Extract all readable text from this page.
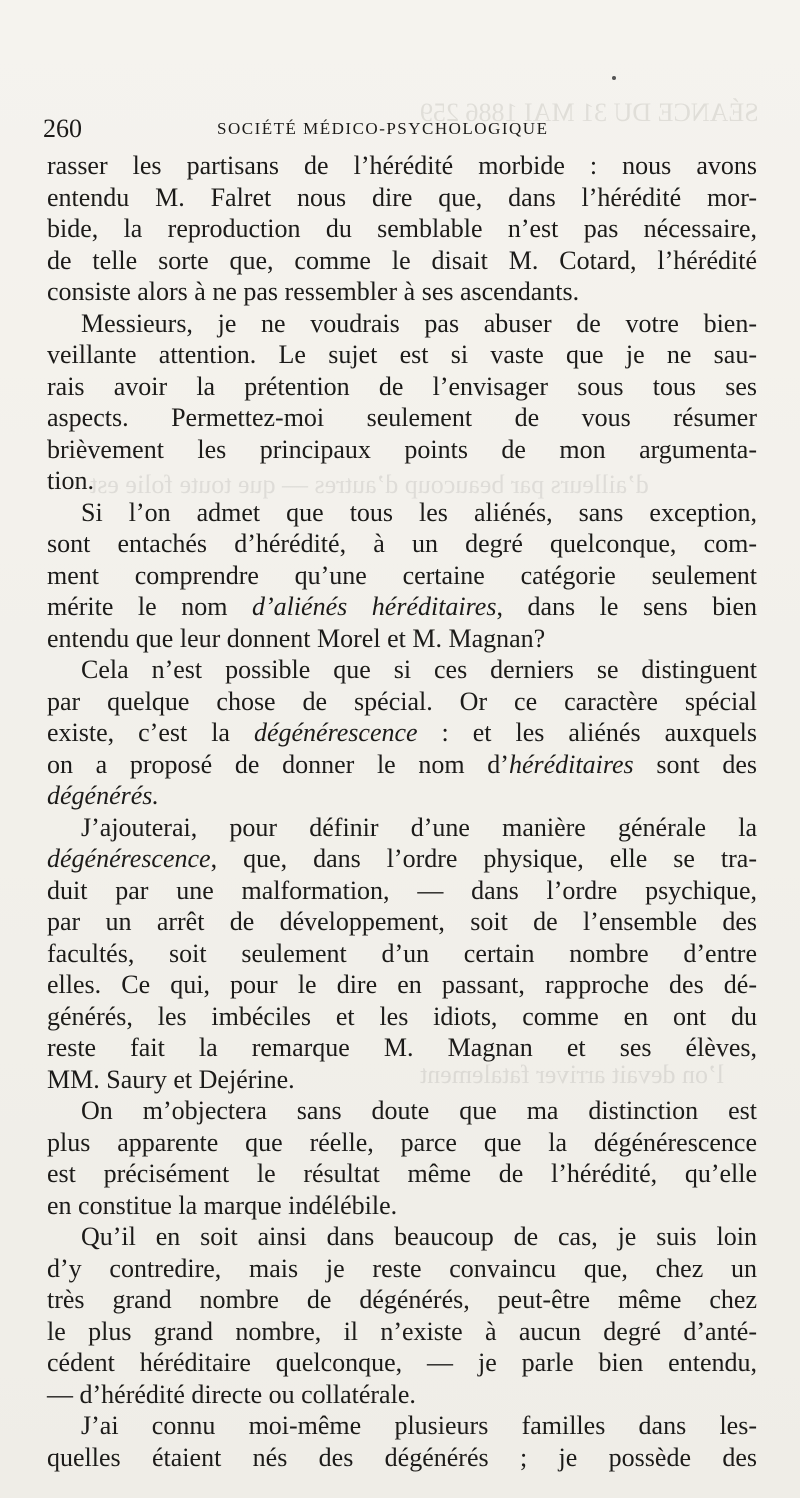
SÉANCE DU 31 MAI 1886 259
d’ailleurs par beaucoup d’autres — que toute folie est
l’on devait arriver fatalement
260	SOCIÉTÉ MÉDICO-PSYCHOLOGIQUE
rasser les partisans de l’hérédité morbide : nous avons
entendu M. Falret nous dire que, dans l’hérédité mor-
bide, la reproduction du semblable n’est pas nécessaire,
de telle sorte que, comme le disait M. Cotard, l’hérédité
consiste alors à ne pas ressembler à ses ascendants.
Messieurs, je ne voudrais pas abuser de votre bien-
veillante attention. Le sujet est si vaste que je ne sau-
rais avoir la prétention de l’envisager sous tous ses
aspects. Permettez-moi seulement de vous résumer
brièvement les principaux points de mon argumenta-
tion.
Si l’on admet que tous les aliénés, sans exception,
sont entachés d’hérédité, à un degré quelconque, com-
ment comprendre qu’une certaine catégorie seulement
mérite le nom d’aliénés héréditaires, dans le sens bien
entendu que leur donnent Morel et M. Magnan?
Cela n’est possible que si ces derniers se distinguent
par quelque chose de spécial. Or ce caractère spécial
existe, c’est la dégénérescence : et les aliénés auxquels
on a proposé de donner le nom d’héréditaires sont des
dégénérés.
J’ajouterai, pour définir d’une manière générale la
dégénérescence, que, dans l’ordre physique, elle se tra-
duit par une malformation, — dans l’ordre psychique,
par un arrêt de développement, soit de l’ensemble des
facultés, soit seulement d’un certain nombre d’entre
elles. Ce qui, pour le dire en passant, rapproche des dé-
générés, les imbéciles et les idiots, comme en ont du
reste fait la remarque M. Magnan et ses élèves,
MM. Saury et Dejérine.
On m’objectera sans doute que ma distinction est
plus apparente que réelle, parce que la dégénérescence
est précisément le résultat même de l’hérédité, qu’elle
en constitue la marque indélébile.
Qu’il en soit ainsi dans beaucoup de cas, je suis loin
d’y contredire, mais je reste convaincu que, chez un
très grand nombre de dégénérés, peut-être même chez
le plus grand nombre, il n’existe à aucun degré d’anté-
cédent héréditaire quelconque, — je parle bien entendu,
— d’hérédité directe ou collatérale.
J’ai connu moi-même plusieurs familles dans les-
quelles étaient nés des dégénérés ; je possède des
